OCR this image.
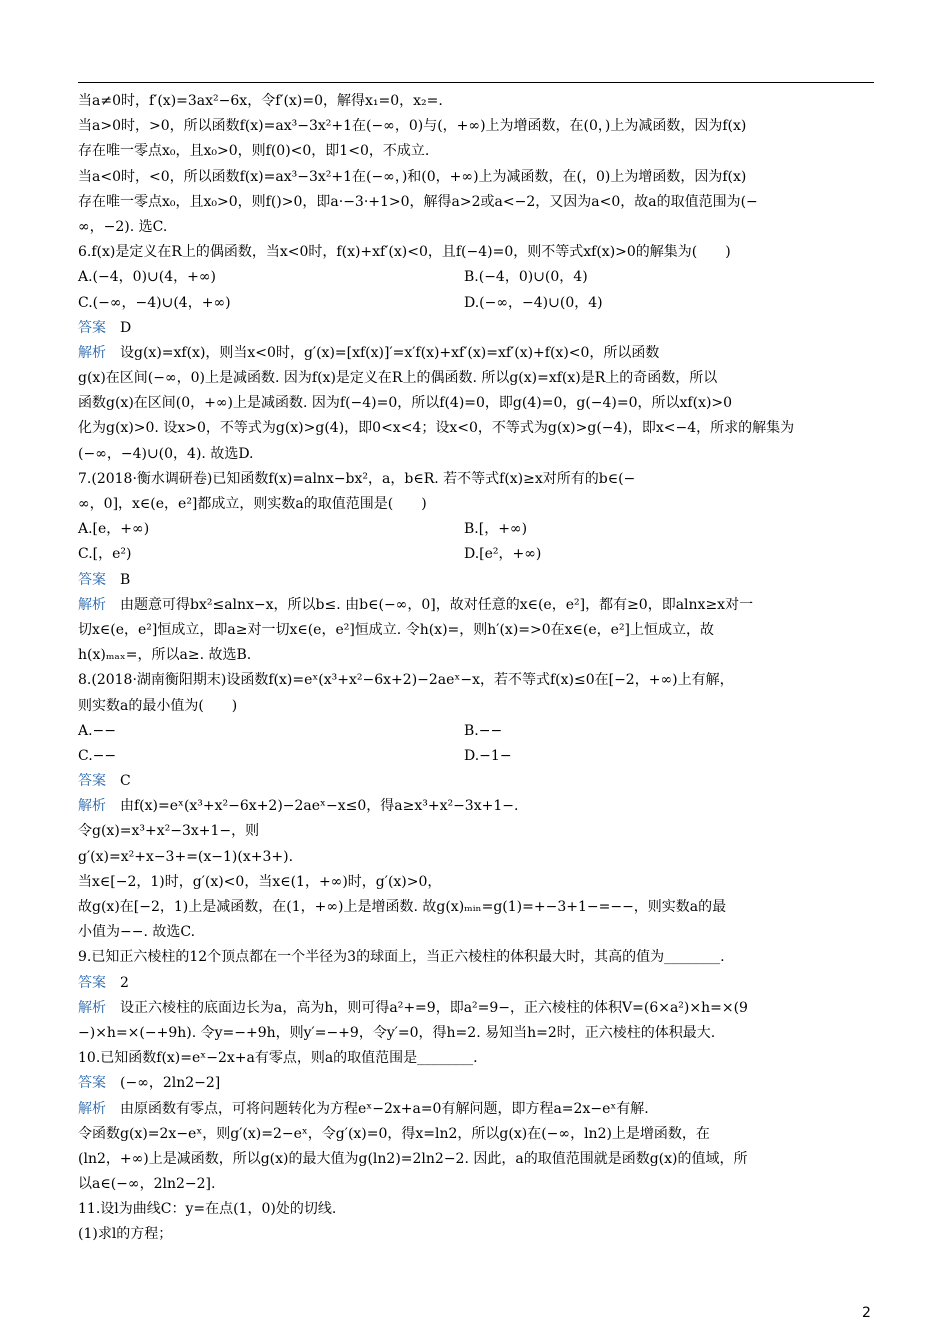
当a≠0时，f′(x)=3ax²−6x，令f′(x)=0，解得x₁=0，x₂=.
当a>0时，>0，所以函数f(x)=ax³−3x²+1在(−∞，0)与(，+∞)上为增函数，在(0，)上为减函数，因为f(x)
存在唯一零点x₀，且x₀>0，则f(0)<0，即1<0，不成立.
当a<0时，<0，所以函数f(x)=ax³−3x²+1在(−∞，)和(0，+∞)上为减函数，在(，0)上为增函数，因为f(x)
存在唯一零点x₀，且x₀>0，则f()>0，即a·−3·+1>0，解得a>2或a<−2，又因为a<0，故a的取值范围为(−
∞，−2). 选C.
6.f(x)是定义在R上的偶函数，当x<0时，f(x)+xf′(x)<0，且f(−4)=0，则不等式xf(x)>0的解集为(　　)
A.(−4，0)∪(4，+∞)	B.(−4，0)∪(0，4)
C.(−∞，−4)∪(4，+∞)	D.(−∞，−4)∪(0，4)
答案 D
解析 设g(x)=xf(x)，则当x<0时，g′(x)=[xf(x)]′=x′f(x)+xf′(x)=xf′(x)+f(x)<0，所以函数
g(x)在区间(−∞，0)上是减函数. 因为f(x)是定义在R上的偶函数. 所以g(x)=xf(x)是R上的奇函数，所以
函数g(x)在区间(0，+∞)上是减函数. 因为f(−4)=0，所以f(4)=0，即g(4)=0，g(−4)=0，所以xf(x)>0
化为g(x)>0. 设x>0，不等式为g(x)>g(4)，即0<x<4；设x<0，不等式为g(x)>g(−4)，即x<−4，所求的解集为
(−∞，−4)∪(0，4). 故选D.
7.(2018·衡水调研卷)已知函数f(x)=alnx−bx²，a，b∈R. 若不等式f(x)≥x对所有的b∈(−
∞，0]，x∈(e，e²]都成立，则实数a的取值范围是(　　)
A.[e，+∞)	B.[，+∞)
C.[，e²)	D.[e²，+∞)
答案 B
解析 由题意可得bx²≤alnx−x，所以b≤. 由b∈(−∞，0]，故对任意的x∈(e，e²]，都有≥0，即alnx≥x对一
切x∈(e，e²]恒成立，即a≥对一切x∈(e，e²]恒成立. 令h(x)=，则h′(x)=>0在x∈(e，e²]上恒成立，故
h(x)ₘₐₓ=，所以a≥. 故选B.
8.(2018·湖南衡阳期末)设函数f(x)=eˣ(x³+x²−6x+2)−2aeˣ−x，若不等式f(x)≤0在[−2，+∞)上有解，
则实数a的最小值为(　　)
A.−−	B.−−
C.−−	D.−1−
答案 C
解析 由f(x)=eˣ(x³+x²−6x+2)−2aeˣ−x≤0，得a≥x³+x²−3x+1−.
令g(x)=x³+x²−3x+1−，则
g′(x)=x²+x−3+=(x−1)(x+3+).
当x∈[−2，1)时，g′(x)<0，当x∈(1，+∞)时，g′(x)>0，
故g(x)在[−2，1)上是减函数，在(1，+∞)上是增函数. 故g(x)ₘᵢₙ=g(1)=+−3+1−=−−，则实数a的最
小值为−−. 故选C.
9.已知正六棱柱的12个顶点都在一个半径为3的球面上，当正六棱柱的体积最大时，其高的值为________.
答案 2
解析 设正六棱柱的底面边长为a，高为h，则可得a²+=9，即a²=9−，正六棱柱的体积V=(6×a²)×h=×(9
−)×h=×(−+9h). 令y=−+9h，则y′=−+9，令y′=0，得h=2. 易知当h=2时，正六棱柱的体积最大.
10.已知函数f(x)=eˣ−2x+a有零点，则a的取值范围是________.
答案 (−∞，2ln2−2]
解析 由原函数有零点，可将问题转化为方程eˣ−2x+a=0有解问题，即方程a=2x−eˣ有解.
令函数g(x)=2x−eˣ，则g′(x)=2−eˣ，令g′(x)=0，得x=ln2，所以g(x)在(−∞，ln2)上是增函数，在
(ln2，+∞)上是减函数，所以g(x)的最大值为g(ln2)=2ln2−2. 因此，a的取值范围就是函数g(x)的值域，所
以a∈(−∞，2ln2−2].
11.设l为曲线C：y=在点(1，0)处的切线.
(1)求l的方程；
2
